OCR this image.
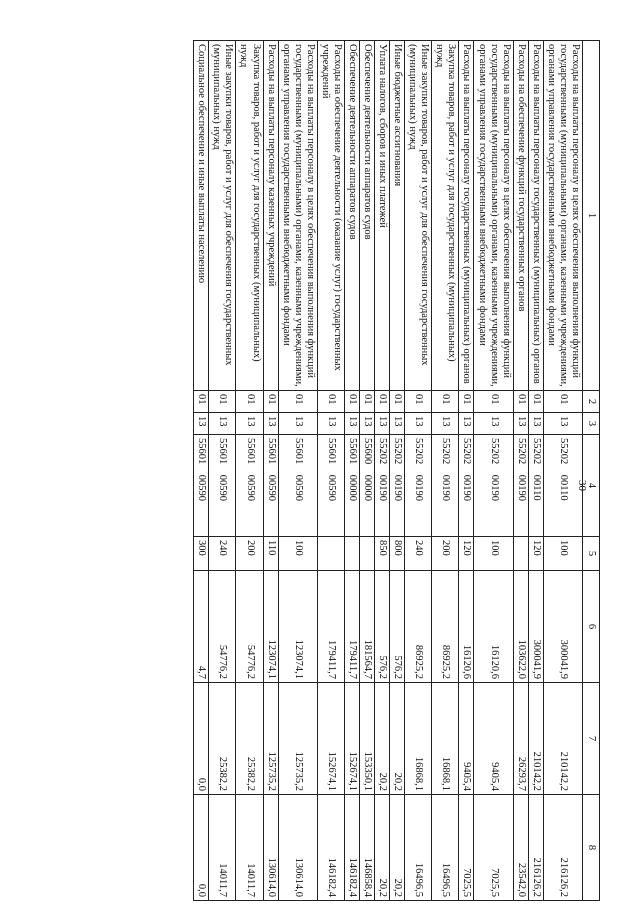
30
1	2	3	4	5	6	7	8
Расходы на выплаты персоналу в целях обеспечения выполнения функций государственными (муниципальными) органами, казенными учреждениями, органами управления государственными внебюджетными фондами	01	13	55202    00110	100	300041,9	210142,2	216126,2
Расходы на выплаты персоналу государственных (муниципальных) органов	01	13	55202    00110	120	300041,9	210142,2	216126,2
Расходы на обеспечение функций государственных органов	01	13	55202    00190		103622,0	26293,7	23542,0
Расходы на выплаты персоналу в целях обеспечения выполнения функций государственными (муниципальными) органами, казенными учреждениями, органами управления государственными внебюджетными фондами	01	13	55202    00190	100	16120,6	9405,4	7025,5
Расходы на выплаты персоналу государственных (муниципальных) органов	01	13	55202    00190	120	16120,6	9405,4	7025,5
Закупка товаров, работ и услуг для государственных (муниципальных) нужд	01	13	55202    00190	200	86925,2	16868,1	16496,5
Иные закупки товаров, работ и услуг для обеспечения государственных (муниципальных) нужд	01	13	55202    00190	240	86925,2	16868,1	16496,5
Иные бюджетные ассигнования	01	13	55202    00190	800	576,2	20,2	20,2
Уплата налогов, сборов и иных платежей	01	13	55202    00190	850	576,2	20,2	20,2
Обеспечение деятельности аппаратов судов	01	13	55600    00000		181564,7	153350,1	146858,4
Обеспечение деятельности аппаратов судов	01	13	55601    00000		179411,7	152674,1	146182,4
Расходы на обеспечение деятельности (оказание услуг) государственных учреждений	01	13	55601    00590		179411,7	152674,1	146182,4
Расходы на выплаты персоналу в целях обеспечения выполнения функций государственными (муниципальными) органами, казенными учреждениями, органами управления государственными внебюджетными фондами	01	13	55601    00590	100	123074,1	125735,2	130614,0
Расходы на выплаты персоналу казенных учреждений	01	13	55601    00590	110	123074,1	125735,2	130614,0
Закупка товаров, работ и услуг для государственных (муниципальных) нужд	01	13	55601    00590	200	54776,2	25382,2	14011,7
Иные закупки товаров, работ и услуг для обеспечения государственных (муниципальных) нужд	01	13	55601    00590	240	54776,2	25382,2	14011,7
Социальное обеспечение и иные выплаты населению	01	13	55601    00590	300	4,7	0,0	0,0
